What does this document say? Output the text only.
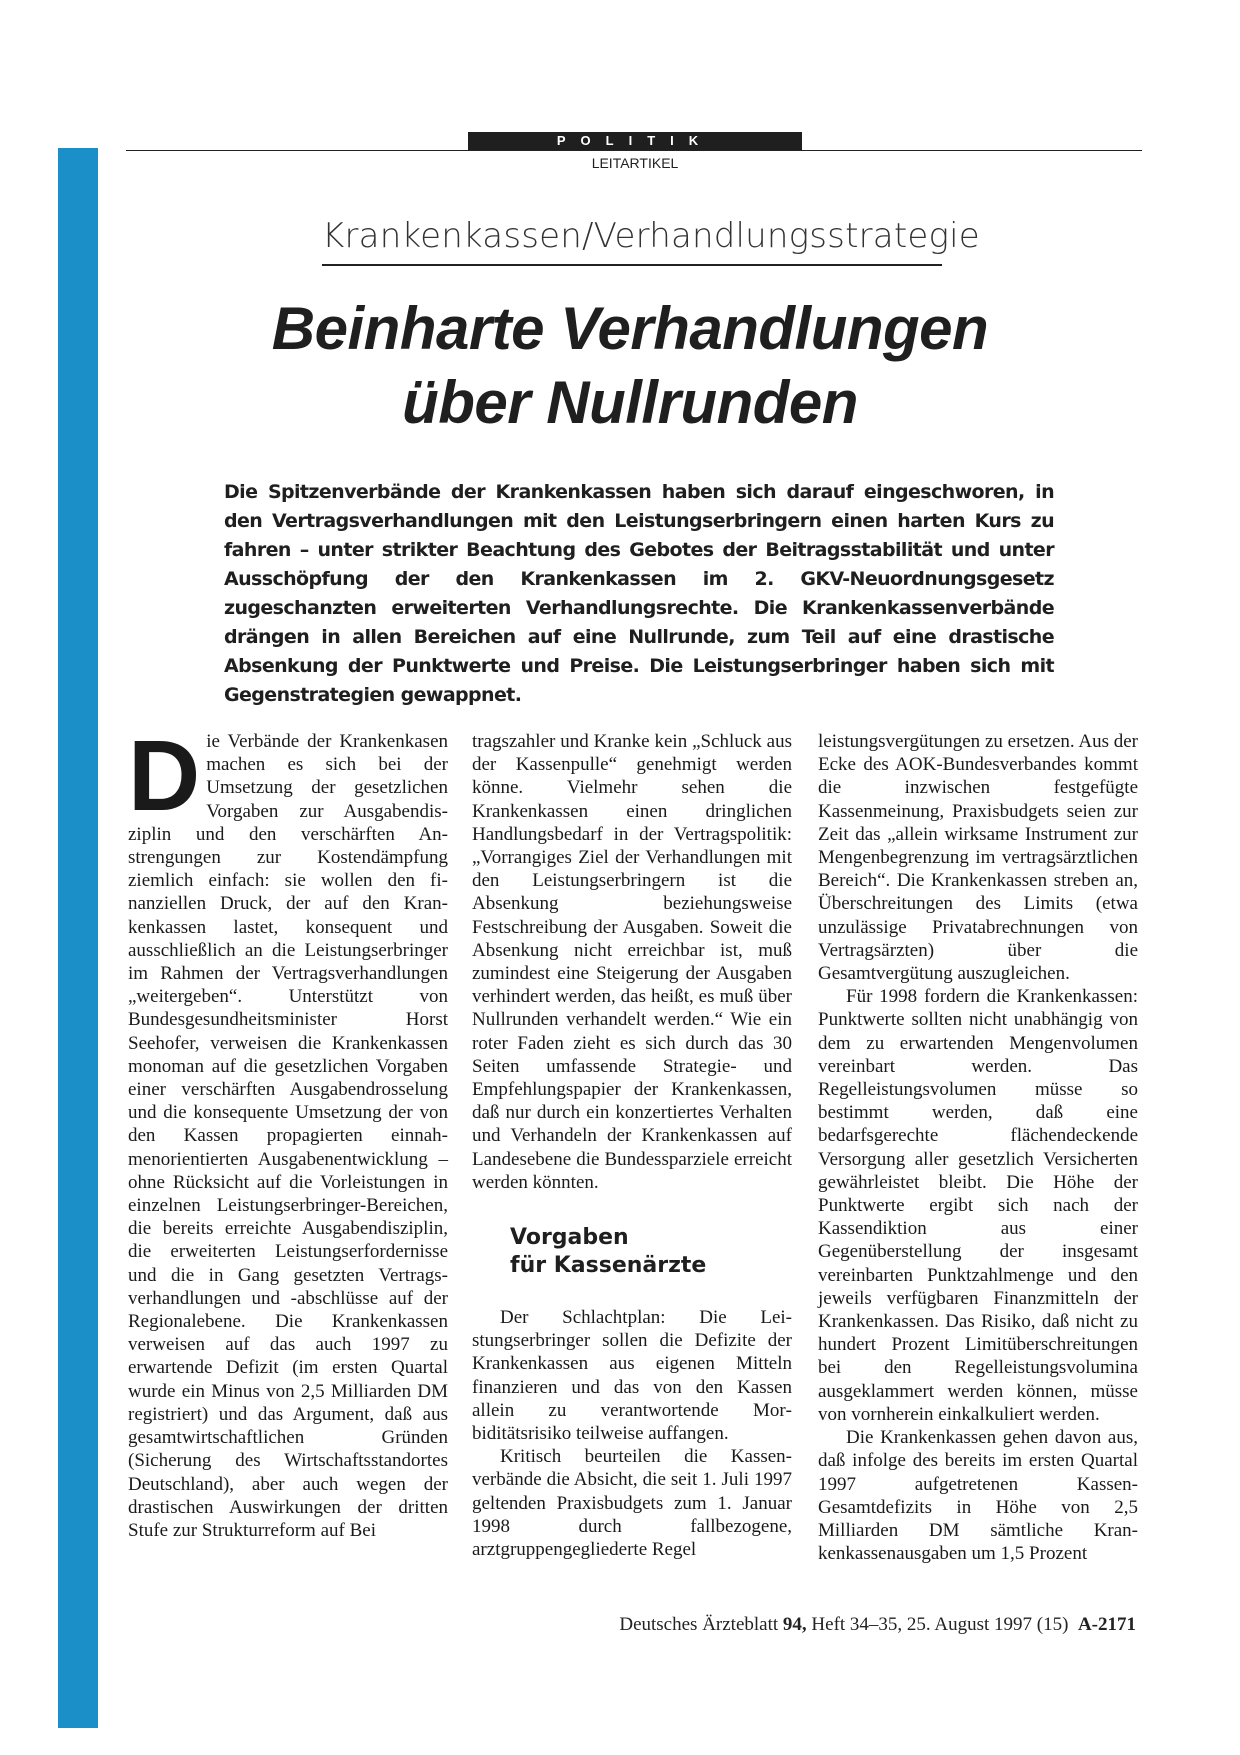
POLITIK
LEITARTIKEL
Krankenkassen/Verhandlungsstrategie
Beinharte Verhandlungen
über Nullrunden

Die Spitzenverbände der Krankenkassen haben sich darauf eingeschworen, in den Vertragsverhandlungen mit den Leistungserbringern einen harten Kurs zu fahren – unter strikter Beachtung des Gebotes der Beitragsstabilität und unter Ausschöpfung der den Krankenkassen im 2. GKV-Neuordnungsgesetz zugeschanzten erweiterten Verhandlungsrechte. Die Krankenkassenverbände drängen in allen Bereichen auf eine Nullrunde, zum Teil auf eine drastische Absenkung der Punktwerte und Preise. Die Leistungserbringer haben sich mit Gegenstrategien gewappnet.

Die Verbände der Krankenkasen machen es sich bei der Umsetzung der gesetzlichen Vorgaben zur Ausgabendisziplin und den verschärften Anstrengungen zur Kostendämpfung ziemlich einfach: sie wollen den finanziellen Druck, der auf den Krankenkassen lastet, konsequent und ausschließlich an die Leistungserbringer im Rahmen der Vertragsverhandlungen „weitergeben“. Unterstützt von Bundesgesundheitsminister Horst Seehofer, verweisen die Krankenkassen monoman auf die gesetzlichen Vorgaben einer verschärften Ausgabendrosselung und die konsequente Umsetzung der von den Kassen propagierten einnahmenorientierten Ausgabenentwicklung – ohne Rücksicht auf die Vorleistungen in einzelnen Leistungserbringer-Bereichen, die bereits erreichte Ausgabendisziplin, die erweiterten Leistungserfordernisse und die in Gang gesetzten Vertragsverhandlungen und -abschlüsse auf der Regionalebene. Die Krankenkassen verweisen auf das auch 1997 zu erwartende Defizit (im ersten Quartal wurde ein Minus von 2,5 Milliarden DM registriert) und das Argument, daß aus gesamtwirtschaftlichen Gründen (Sicherung des Wirtschaftsstandortes Deutschland), aber auch wegen der drastischen Auswirkungen der dritten Stufe zur Strukturreform auf Bei

tragszahler und Kranke kein „Schluck aus der Kassenpulle“ genehmigt werden könne. Vielmehr sehen die Krankenkassen einen dringlichen Handlungsbedarf in der Vertragspolitik: „Vorrangiges Ziel der Verhandlungen mit den Leistungserbringern ist die Absenkung beziehungsweise Festschreibung der Ausgaben. Soweit die Absenkung nicht erreichbar ist, muß zumindest eine Steigerung der Ausgaben verhindert werden, das heißt, es muß über Nullrunden verhandelt werden.“ Wie ein roter Faden zieht es sich durch das 30 Seiten umfassende Strategie- und Empfehlungspapier der Krankenkassen, daß nur durch ein konzertiertes Verhalten und Verhandeln der Krankenkassen auf Landesebene die Bundessparziele erreicht werden könnten.

Vorgaben
für Kassenärzte

Der Schlachtplan: Die Leistungserbringer sollen die Defizite der Krankenkassen aus eigenen Mitteln finanzieren und das von den Kassen allein zu verantwortende Morbiditätsrisiko teilweise auffangen.

Kritisch beurteilen die Kassenverbände die Absicht, die seit 1. Juli 1997 geltenden Praxisbudgets zum 1. Januar 1998 durch fallbezogene, arztgruppengegliederte Regel

leistungsvergütungen zu ersetzen. Aus der Ecke des AOK-Bundesverbandes kommt die inzwischen festgefügte Kassenmeinung, Praxisbudgets seien zur Zeit das „allein wirksame Instrument zur Mengenbegrenzung im vertragsärztlichen Bereich“. Die Krankenkassen streben an, Überschreitungen des Limits (etwa unzulässige Privatabrechnungen von Vertragsärzten) über die Gesamtvergütung auszugleichen.

Für 1998 fordern die Krankenkassen: Punktwerte sollten nicht unabhängig von dem zu erwartenden Mengenvolumen vereinbart werden. Das Regelleistungsvolumen müsse so bestimmt werden, daß eine bedarfsgerechte flächendeckende Versorgung aller gesetzlich Versicherten gewährleistet bleibt. Die Höhe der Punktwerte ergibt sich nach der Kassendiktion aus einer Gegenüberstellung der insgesamt vereinbarten Punktzahlmenge und den jeweils verfügbaren Finanzmitteln der Krankenkassen. Das Risiko, daß nicht zu hundert Prozent Limitüberschreitungen bei den Regelleistungsvolumina ausgeklammert werden können, müsse von vornherein einkalkuliert werden.

Die Krankenkassen gehen davon aus, daß infolge des bereits im ersten Quartal 1997 aufgetretenen Kassen-Gesamtdefizits in Höhe von 2,5 Milliarden DM sämtliche Krankenkassenausgaben um 1,5 Prozent

Deutsches Ärzteblatt 94, Heft 34–35, 25. August 1997 (15) A-2171
